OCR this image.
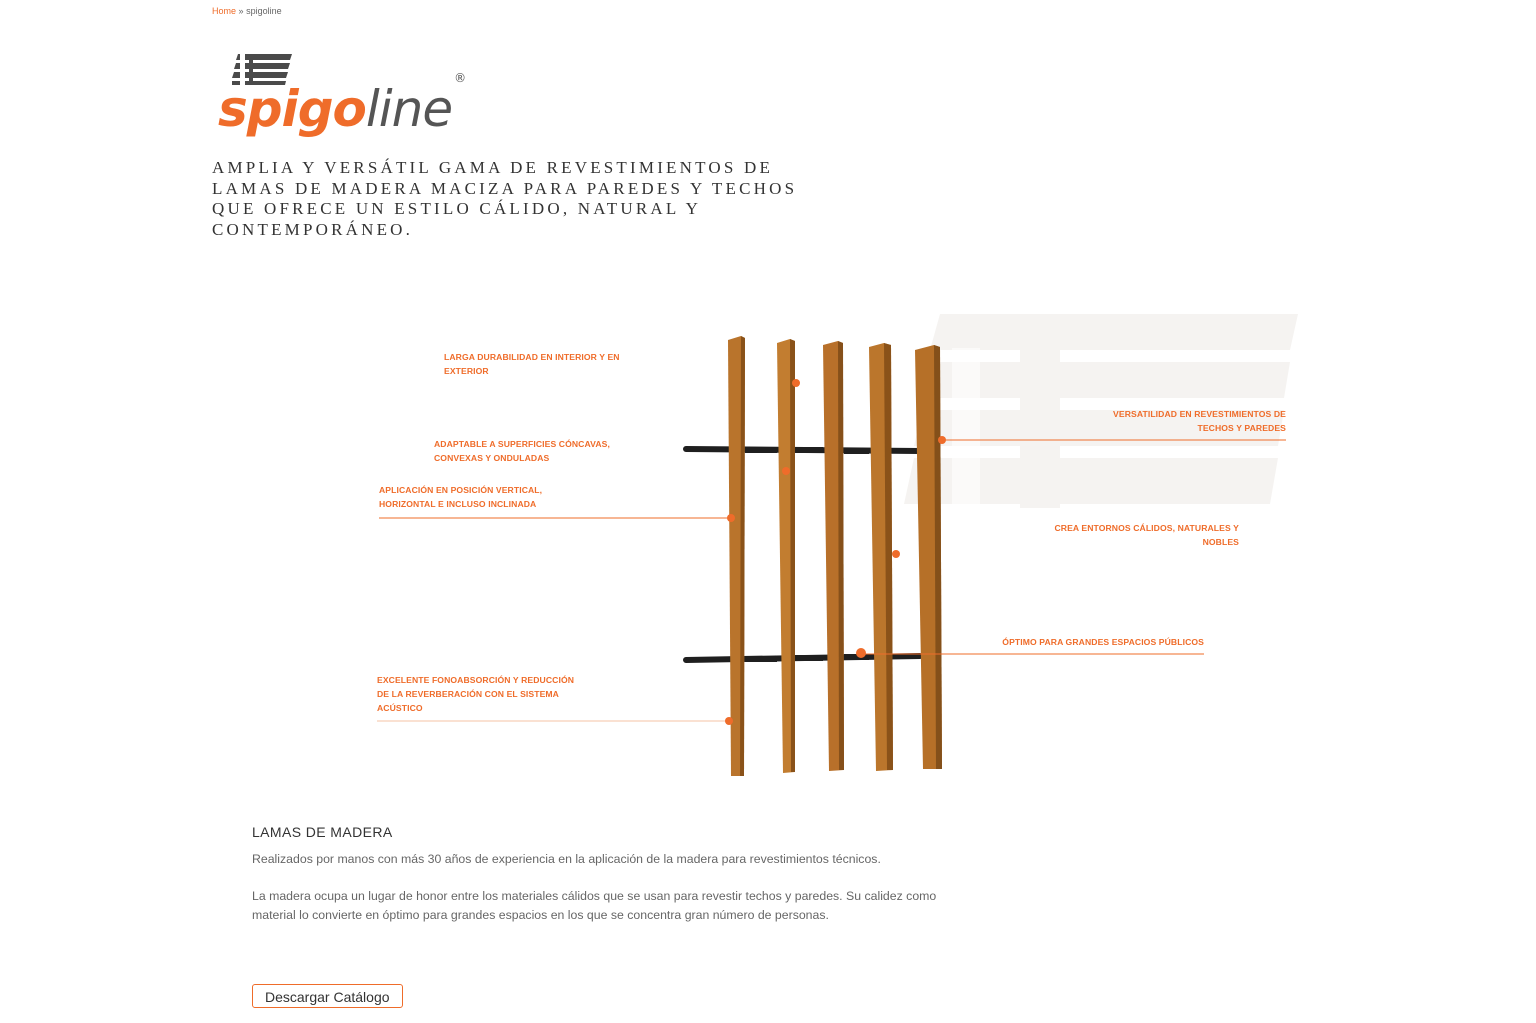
Home » spigoline
spigoline®
AMPLIA Y VERSÁTIL GAMA DE REVESTIMIENTOS DE LAMAS DE MADERA MACIZA PARA PAREDES Y TECHOS QUE OFRECE UN ESTILO CÁLIDO, NATURAL Y CONTEMPORÁNEO.
LARGA DURABILIDAD EN INTERIOR Y EN
EXTERIOR
ADAPTABLE A SUPERFICIES CÓNCAVAS,
CONVEXAS Y ONDULADAS
APLICACIÓN EN POSICIÓN VERTICAL,
HORIZONTAL E INCLUSO INCLINADA
EXCELENTE FONOABSORCIÓN Y REDUCCIÓN
DE LA REVERBERACIÓN CON EL SISTEMA
ACÚSTICO
VERSATILIDAD EN REVESTIMIENTOS DE
TECHOS Y PAREDES
CREA ENTORNOS CÁLIDOS, NATURALES Y
NOBLES
ÓPTIMO PARA GRANDES ESPACIOS PÚBLICOS
LAMAS DE MADERA

Realizados por manos con más 30 años de experiencia en la aplicación de la madera para revestimientos técnicos.

La madera ocupa un lugar de honor entre los materiales cálidos que se usan para revestir techos y paredes. Su calidez como material lo convierte en óptimo para grandes espacios en los que se concentra gran número de personas.

Descargar Catálogo
